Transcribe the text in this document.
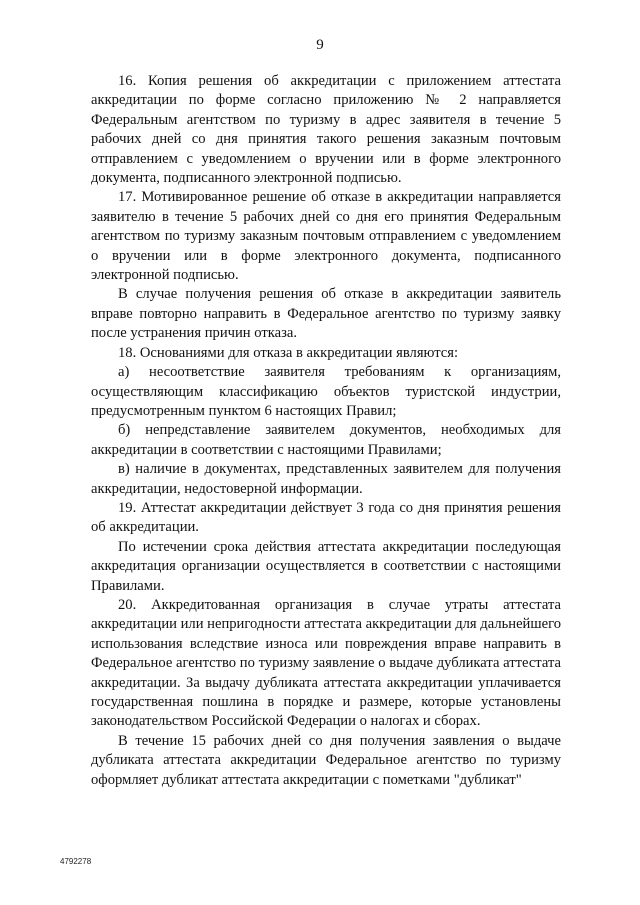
9

16. Копия решения об аккредитации с приложением аттестата аккредитации по форме согласно приложению № 2 направляется Федеральным агентством по туризму в адрес заявителя в течение 5 рабочих дней со дня принятия такого решения заказным почтовым отправлением с уведомлением о вручении или в форме электронного документа, подписанного электронной подписью.

17. Мотивированное решение об отказе в аккредитации направляется заявителю в течение 5 рабочих дней со дня его принятия Федеральным агентством по туризму заказным почтовым отправлением с уведомлением о вручении или в форме электронного документа, подписанного электронной подписью.

В случае получения решения об отказе в аккредитации заявитель вправе повторно направить в Федеральное агентство по туризму заявку после устранения причин отказа.

18. Основаниями для отказа в аккредитации являются:

а) несоответствие заявителя требованиям к организациям, осуществляющим классификацию объектов туристской индустрии, предусмотренным пунктом 6 настоящих Правил;

б) непредставление заявителем документов, необходимых для аккредитации в соответствии с настоящими Правилами;

в) наличие в документах, представленных заявителем для получения аккредитации, недостоверной информации.

19. Аттестат аккредитации действует 3 года со дня принятия решения об аккредитации.

По истечении срока действия аттестата аккредитации последующая аккредитация организации осуществляется в соответствии с настоящими Правилами.

20. Аккредитованная организация в случае утраты аттестата аккредитации или непригодности аттестата аккредитации для дальнейшего использования вследствие износа или повреждения вправе направить в Федеральное агентство по туризму заявление о выдаче дубликата аттестата аккредитации. За выдачу дубликата аттестата аккредитации уплачивается государственная пошлина в порядке и размере, которые установлены законодательством Российской Федерации о налогах и сборах.

В течение 15 рабочих дней со дня получения заявления о выдаче дубликата аттестата аккредитации Федеральное агентство по туризму оформляет дубликат аттестата аккредитации с пометками "дубликат"

4792278
